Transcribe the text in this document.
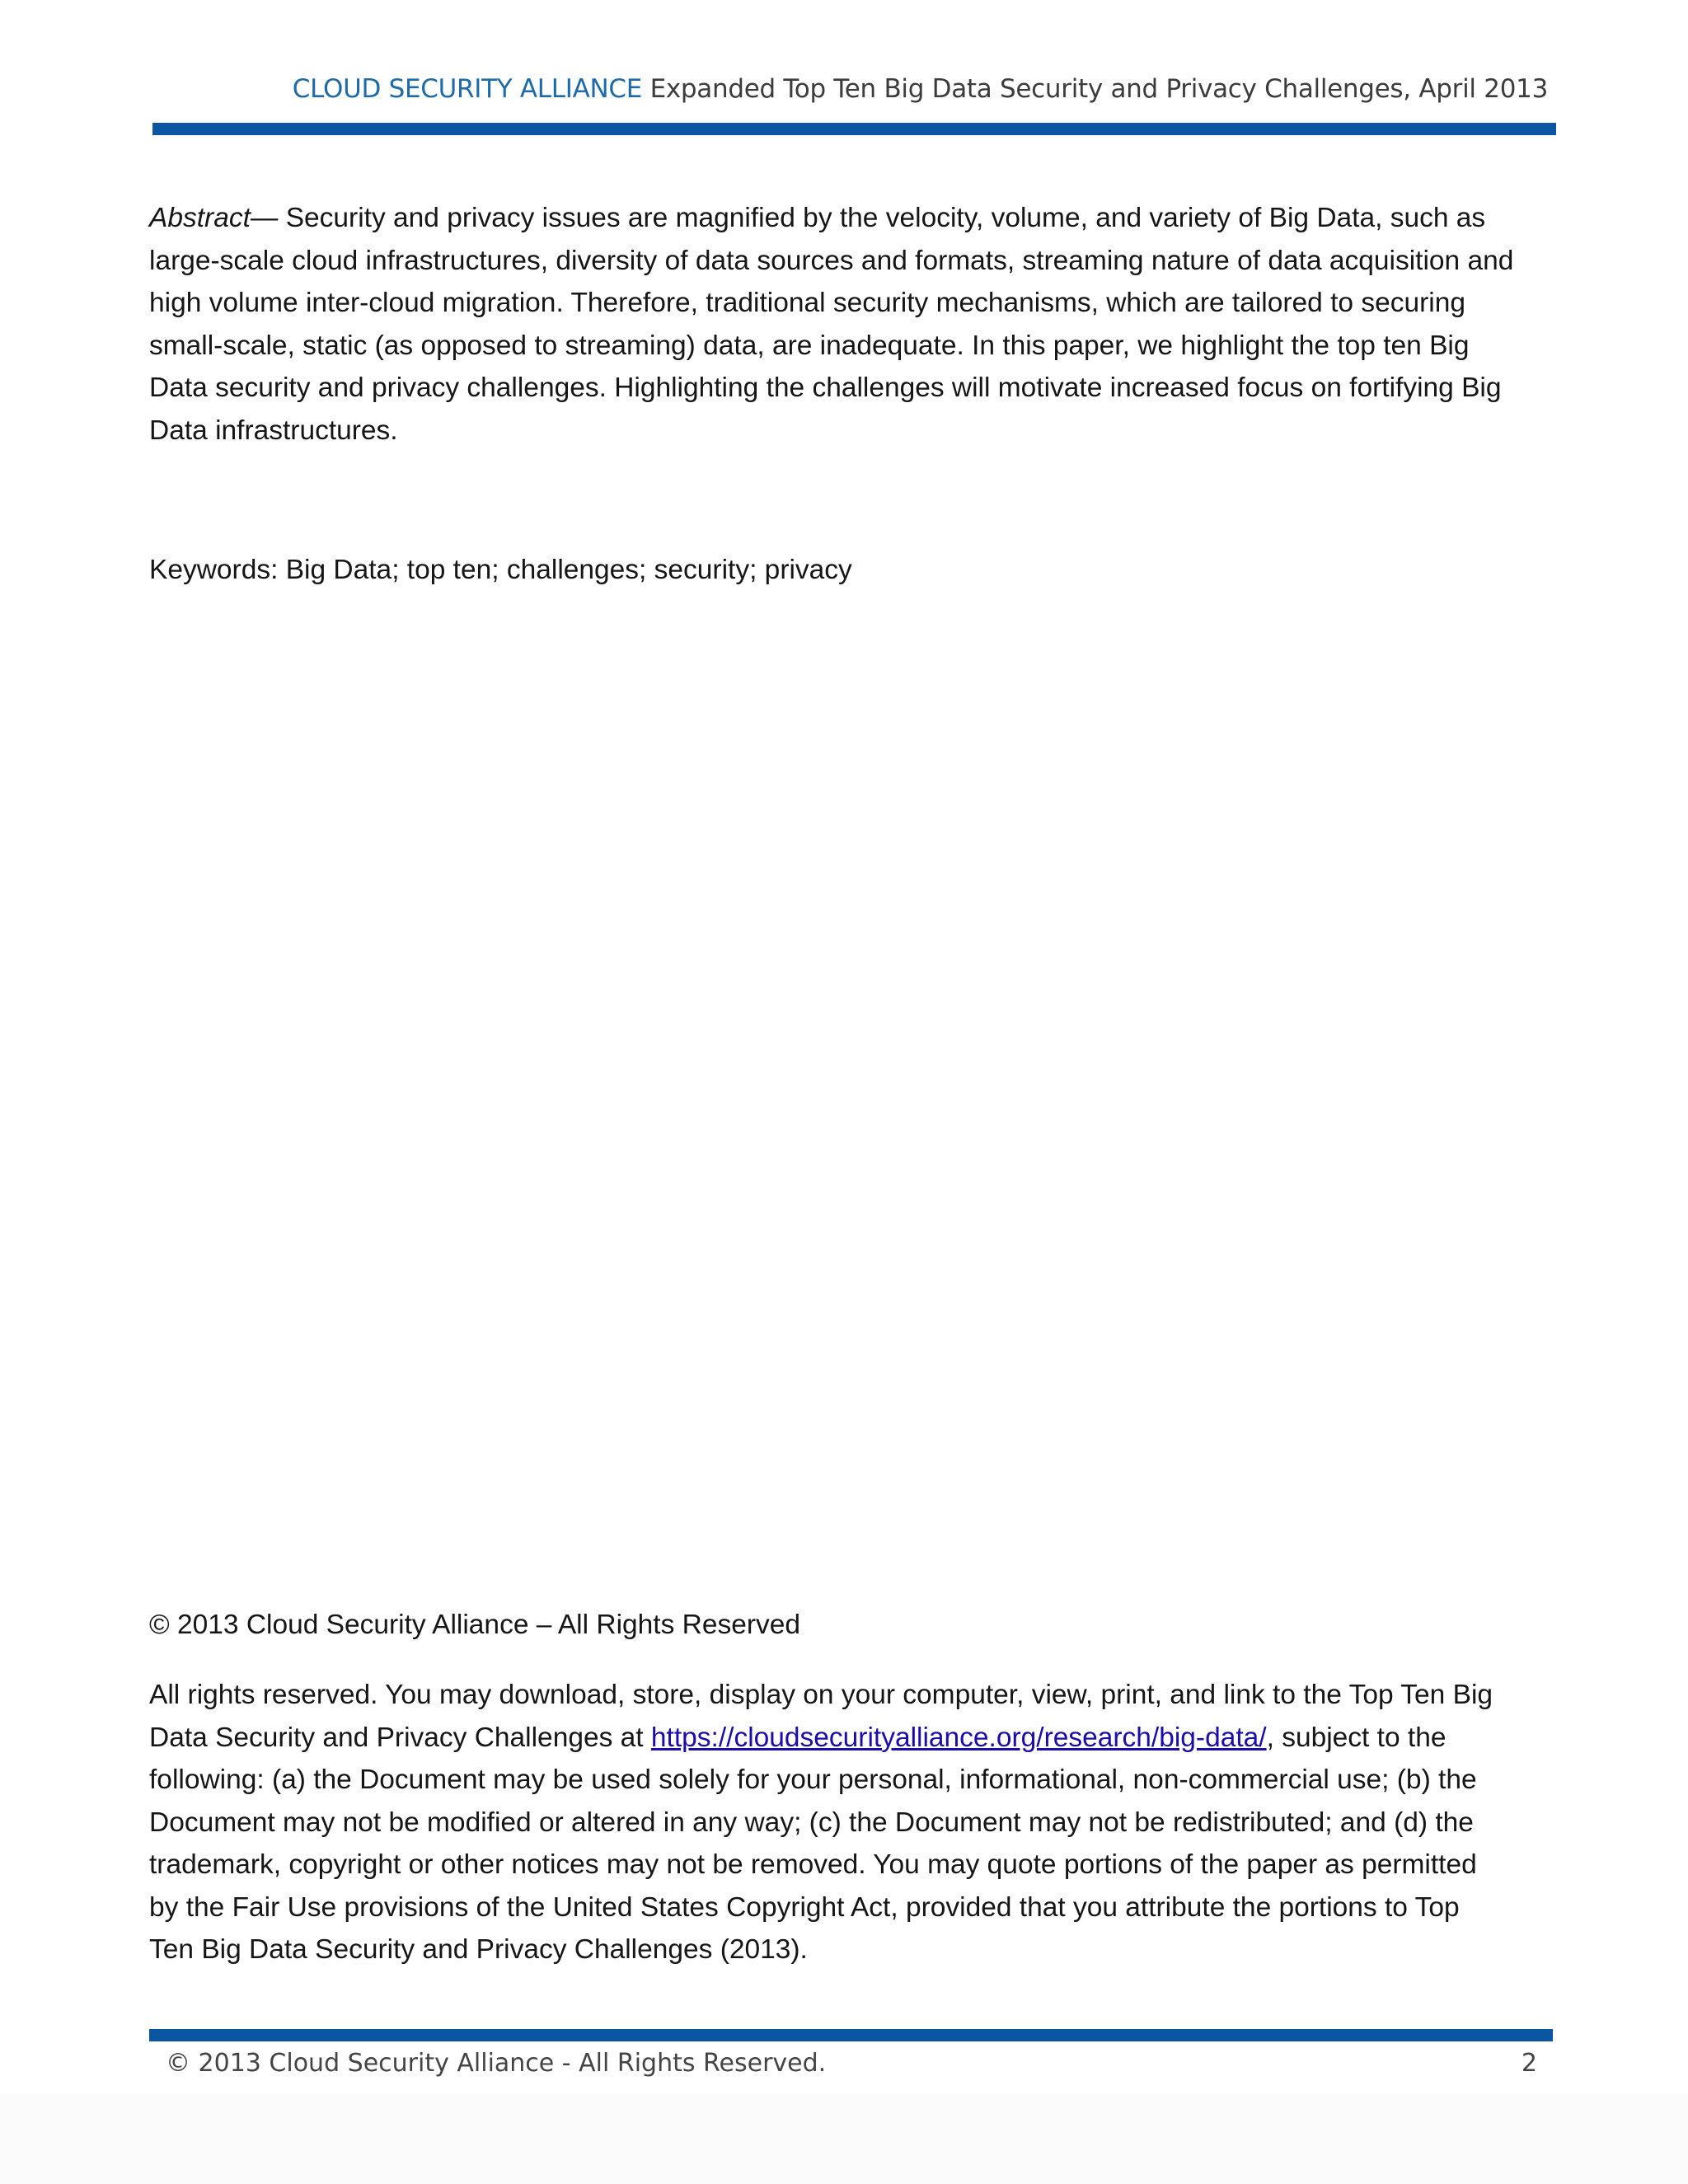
CLOUD SECURITY ALLIANCE Expanded Top Ten Big Data Security and Privacy Challenges, April 2013
Abstract— Security and privacy issues are magnified by the velocity, volume, and variety of Big Data, such as
large-scale cloud infrastructures, diversity of data sources and formats, streaming nature of data acquisition and
high volume inter-cloud migration. Therefore, traditional security mechanisms, which are tailored to securing
small-scale, static (as opposed to streaming) data, are inadequate. In this paper, we highlight the top ten Big
Data security and privacy challenges. Highlighting the challenges will motivate increased focus on fortifying Big
Data infrastructures.

Keywords: Big Data; top ten; challenges; security; privacy

© 2013 Cloud Security Alliance – All Rights Reserved

All rights reserved. You may download, store, display on your computer, view, print, and link to the Top Ten Big
Data Security and Privacy Challenges at https://cloudsecurityalliance.org/research/big-data/, subject to the
following: (a) the Document may be used solely for your personal, informational, non-commercial use; (b) the
Document may not be modified or altered in any way; (c) the Document may not be redistributed; and (d) the
trademark, copyright or other notices may not be removed. You may quote portions of the paper as permitted
by the Fair Use provisions of the United States Copyright Act, provided that you attribute the portions to Top
Ten Big Data Security and Privacy Challenges (2013).
© 2013 Cloud Security Alliance - All Rights Reserved.	2
